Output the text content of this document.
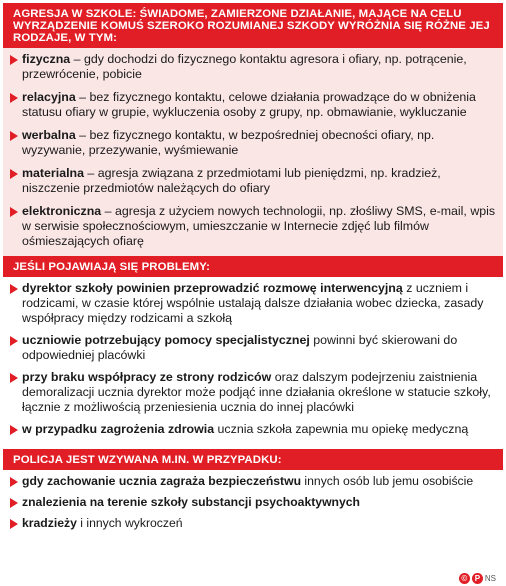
AGRESJA W SZKOLE: ŚWIADOME, ZAMIERZONE DZIAŁANIE, MAJĄCE NA CELU WYRZĄDZENIE KOMUŚ SZEROKO ROZUMIANEJ SZKODY WYRÓŻNIA SIĘ RÓŻNE JEJ RODZAJE, W TYM:
fizyczna – gdy dochodzi do fizycznego kontaktu agresora i ofiary, np. potrącenie, przewrócenie, pobicie
relacyjna – bez fizycznego kontaktu, celowe działania prowadzące do w obniżenia statusu ofiary w grupie, wykluczenia osoby z grupy, np. obmawianie, wykluczanie
werbalna – bez fizycznego kontaktu, w bezpośredniej obecności ofiary, np. wyzywanie, przezywanie, wyśmiewanie
materialna – agresja związana z przedmiotami lub pieniędzmi, np. kradzież, niszczenie przedmiotów należących do ofiary
elektroniczna – agresja z użyciem nowych technologii, np. złośliwy SMS, e-mail, wpis w serwisie społecznościowym, umieszczanie w Internecie zdjęć lub filmów ośmieszających ofiarę
JEŚLI POJAWIAJĄ SIĘ PROBLEMY:
dyrektor szkoły powinien przeprowadzić rozmowę interwencyjną z uczniem i rodzicami, w czasie której wspólnie ustalają dalsze działania wobec dziecka, zasady współpracy między rodzicami a szkołą
uczniowie potrzebujący pomocy specjalistycznej powinni być skierowani do odpowiedniej placówki
przy braku współpracy ze strony rodziców oraz dalszym podejrzeniu zaistnienia demoralizacji ucznia dyrektor może podjąć inne działania określone w statucie szkoły, łącznie z możliwością przeniesienia ucznia do innej placówki
w przypadku zagrożenia zdrowia ucznia szkoła zapewnia mu opiekę medyczną
POLICJA JEST WZYWANA M.IN. W PRZYPADKU:
gdy zachowanie ucznia zagraża bezpieczeństwu innych osób lub jemu osobiście
znalezienia na terenie szkoły substancji psychoaktywnych
kradzieży i innych wykroczeń
© P NS
